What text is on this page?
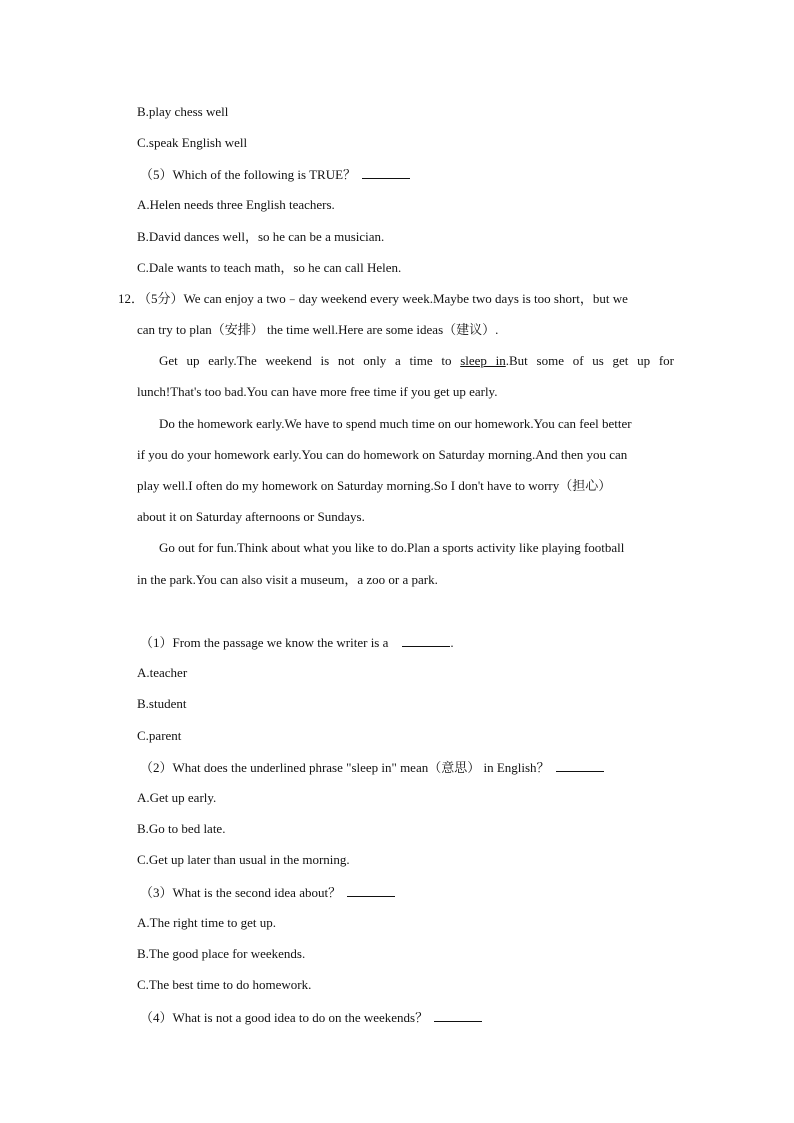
B.play chess well
C.speak English well
（5）Which of the following is TRUE？
A.Helen needs three English teachers.
B.David dances well，so he can be a musician.
C.Dale wants to teach math，so he can call Helen.
12．
（5分）We can enjoy a two﹣day weekend every week.Maybe two days is too short，but we
can try to plan（安排） the time well.Here are some ideas（建议）.
Get up early.The weekend is not only a time to sleep in.But some of us get up for
lunch!That's too bad.You can have more free time if you get up early.
Do the homework early.We have to spend much time on our homework.You can feel better
if you do your homework early.You can do homework on Saturday morning.And then you can
play well.I often do my homework on Saturday morning.So I don't have to worry（担心）
about it on Saturday afternoons or Sundays.
Go out for fun.Think about what you like to do.Plan a sports activity like playing football
in the park.You can also visit a museum，a zoo or a park.
（1）From the passage we know the writer is a	.
A.teacher
B.student
C.parent
（2）What does the underlined phrase "sleep in" mean（意思） in English？
A.Get up early.
B.Go to bed late.
C.Get up later than usual in the morning.
（3）What is the second idea about？
A.The right time to get up.
B.The good place for weekends.
C.The best time to do homework.
（4）What is not a good idea to do on the weekends？
